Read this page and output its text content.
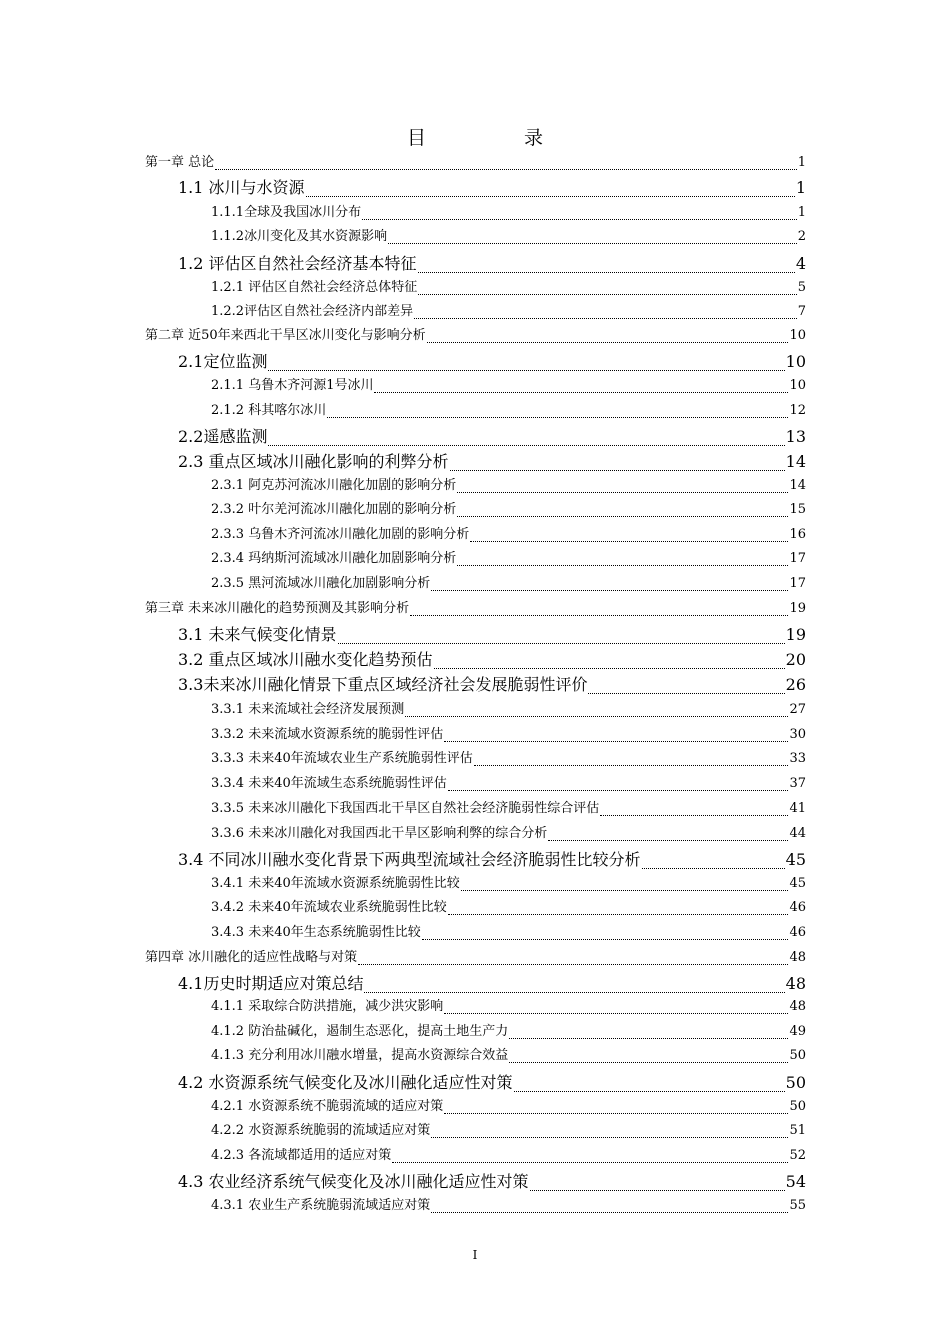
目 录
第一章 总论	1
1.1 冰川与水资源	1
1.1.1全球及我国冰川分布	1
1.1.2冰川变化及其水资源影响	2
1.2 评估区自然社会经济基本特征	4
1.2.1 评估区自然社会经济总体特征	5
1.2.2评估区自然社会经济内部差异	7
第二章 近50年来西北干旱区冰川变化与影响分析	10
2.1定位监测	10
2.1.1 乌鲁木齐河源1号冰川	10
2.1.2 科其喀尔冰川	12
2.2遥感监测	13
2.3 重点区域冰川融化影响的利弊分析	14
2.3.1 阿克苏河流冰川融化加剧的影响分析	14
2.3.2 叶尔羌河流冰川融化加剧的影响分析	15
2.3.3 乌鲁木齐河流冰川融化加剧的影响分析	16
2.3.4 玛纳斯河流域冰川融化加剧影响分析	17
2.3.5 黑河流域冰川融化加剧影响分析	17
第三章 未来冰川融化的趋势预测及其影响分析	19
3.1 未来气候变化情景	19
3.2 重点区域冰川融水变化趋势预估	20
3.3未来冰川融化情景下重点区域经济社会发展脆弱性评价	26
3.3.1 未来流域社会经济发展预测	27
3.3.2 未来流域水资源系统的脆弱性评估	30
3.3.3 未来40年流域农业生产系统脆弱性评估	33
3.3.4 未来40年流域生态系统脆弱性评估	37
3.3.5 未来冰川融化下我国西北干旱区自然社会经济脆弱性综合评估	41
3.3.6 未来冰川融化对我国西北干旱区影响利弊的综合分析	44
3.4 不同冰川融水变化背景下两典型流域社会经济脆弱性比较分析	45
3.4.1 未来40年流域水资源系统脆弱性比较	45
3.4.2 未来40年流域农业系统脆弱性比较	46
3.4.3 未来40年生态系统脆弱性比较	46
第四章 冰川融化的适应性战略与对策	48
4.1历史时期适应对策总结	48
4.1.1 采取综合防洪措施，减少洪灾影响	48
4.1.2 防治盐碱化，遏制生态恶化，提高土地生产力	49
4.1.3 充分利用冰川融水增量，提高水资源综合效益	50
4.2 水资源系统气候变化及冰川融化适应性对策	50
4.2.1 水资源系统不脆弱流域的适应对策	50
4.2.2 水资源系统脆弱的流域适应对策	51
4.2.3 各流域都适用的适应对策	52
4.3 农业经济系统气候变化及冰川融化适应性对策	54
4.3.1 农业生产系统脆弱流域适应对策	55
I
